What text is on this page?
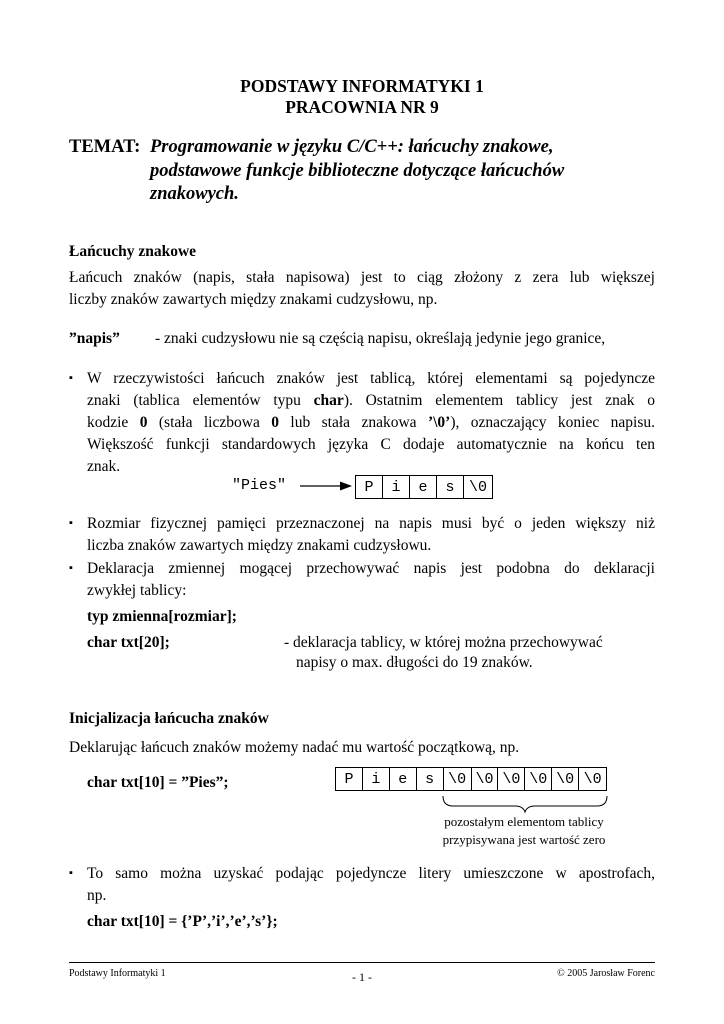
PODSTAWY INFORMATYKI 1
PRACOWNIA NR 9
TEMAT: Programowanie w języku C/C++: łańcuchy znakowe,
podstawowe funkcje biblioteczne dotyczące łańcuchów
znakowych.
Łańcuchy znakowe
Łańcuch znaków (napis, stała napisowa) jest to ciąg złożony z zera lub większej
liczby znaków zawartych między znakami cudzysłowu, np.
”napis” - znaki cudzysłowu nie są częścią napisu, określają jedynie jego granice,
▪ W rzeczywistości łańcuch znaków jest tablicą, której elementami są pojedyncze
znaki (tablica elementów typu char). Ostatnim elementem tablicy jest znak o
kodzie 0 (stała liczbowa 0 lub stała znakowa ’\0’), oznaczający koniec napisu.
Większość funkcji standardowych języka C dodaje automatycznie na końcu ten
znak.
"Pies"	P	i	e	s \0
▪ Rozmiar fizycznej pamięci przeznaczonej na napis musi być o jeden większy niż
liczba znaków zawartych między znakami cudzysłowu.
▪ Deklaracja zmiennej mogącej przechowywać napis jest podobna do deklaracji
zwykłej tablicy:
typ zmienna[rozmiar];
char txt[20];	- deklaracja tablicy, w której można przechowywać
napisy o max. długości do 19 znaków.
Inicjalizacja łańcucha znaków
Deklarując łańcuch znaków możemy nadać mu wartość początkową, np.
char txt[10] = ”Pies”;	P	i	e	s \0 \0 \0 \0 \0 \0
pozostałym elementom tablicy
przypisywana jest wartość zero
▪ To samo można uzyskać podając pojedyncze litery umieszczone w apostrofach,
np.
char txt[10] = {’P’,’i’,’e’,’s’};
Podstawy Informatyki 1	- 1 -	© 2005 Jarosław Forenc
